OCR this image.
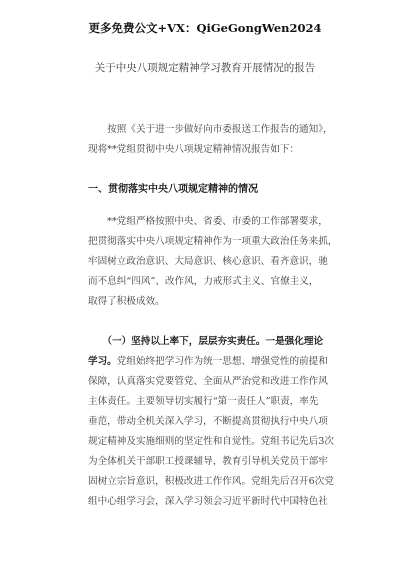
更多免费公文+VX：QiGeGongWen2024
关于中央八项规定精神学习教育开展情况的报告
　　按照《关于进一步做好向市委报送工作报告的通知》，
现将**党组贯彻中央八项规定精神情况报告如下：
一、贯彻落实中央八项规定精神的情况
　　**党组严格按照中央、省委、市委的工作部署要求，
把贯彻落实中央八项规定精神作为一项重大政治任务来抓，
牢固树立政治意识、大局意识、核心意识、看齐意识，驰
而不息纠“四风”、改作风，力戒形式主义、官僚主义，
取得了积极成效。
　　（一）坚持以上率下，层层夯实责任。一是强化理论
学习。党组始终把学习作为统一思想、增强党性的前提和
保障，认真落实党要管党、全面从严治党和改进工作作风
主体责任。主要领导切实履行“第一责任人”职责，率先
垂范，带动全机关深入学习，不断提高贯彻执行中央八项
规定精神及实施细则的坚定性和自觉性。党组书记先后3次
为全体机关干部职工授课辅导，教育引导机关党员干部牢
固树立宗旨意识，积极改进工作作风。党组先后召开6次党
组中心组学习会，深入学习领会习近平新时代中国特色社
